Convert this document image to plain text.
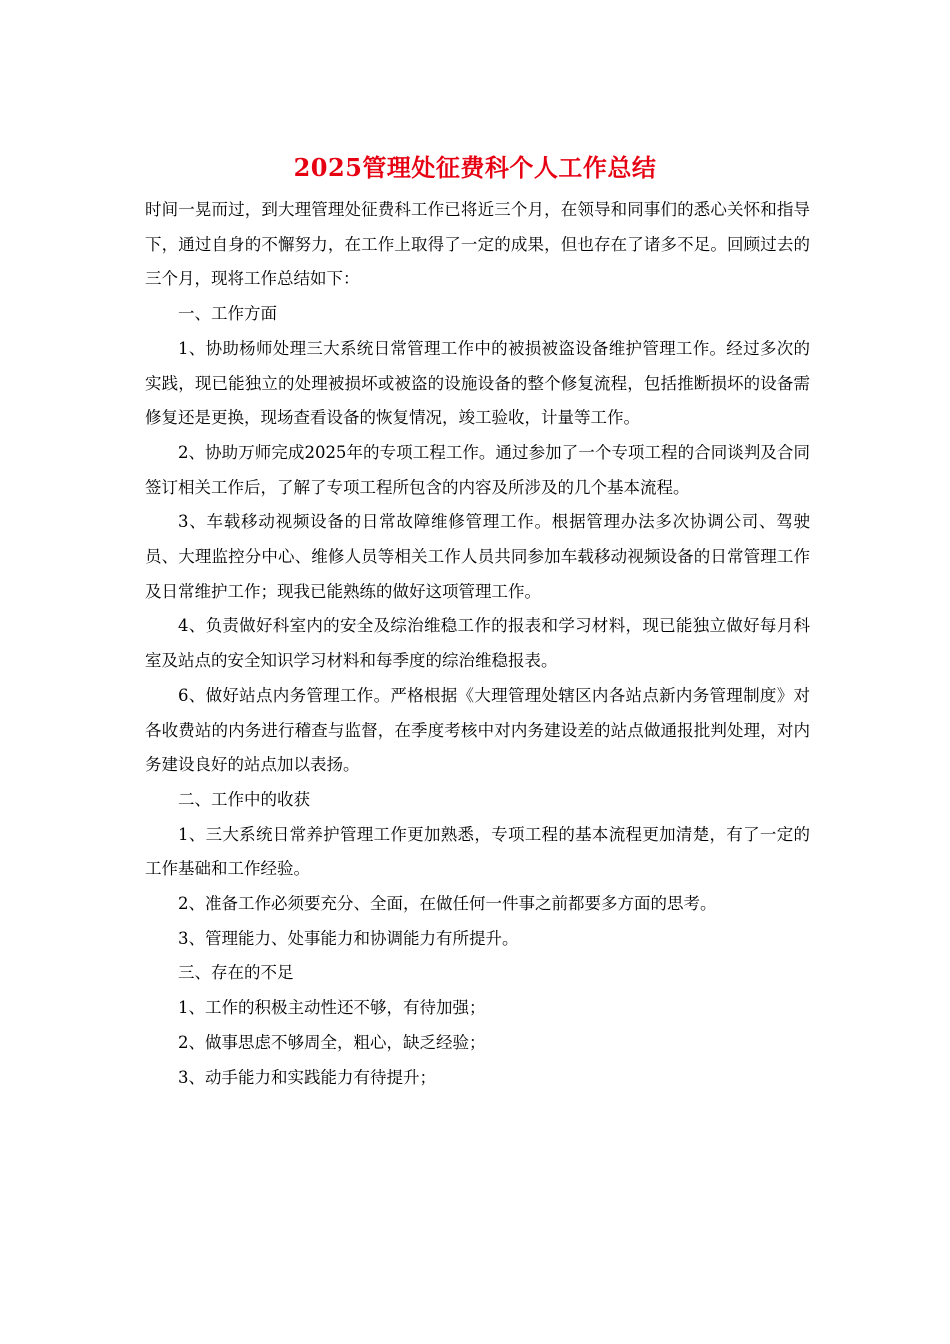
2025管理处征费科个人工作总结

时间一晃而过，到大理管理处征费科工作已将近三个月，在领导和同事们的悉心关怀和指导下，通过自身的不懈努力，在工作上取得了一定的成果，但也存在了诸多不足。回顾过去的三个月，现将工作总结如下：

一、工作方面

1、协助杨师处理三大系统日常管理工作中的被损被盗设备维护管理工作。经过多次的实践，现已能独立的处理被损坏或被盗的设施设备的整个修复流程，包括推断损坏的设备需修复还是更换，现场查看设备的恢复情况，竣工验收，计量等工作。

2、协助万师完成2025年的专项工程工作。通过参加了一个专项工程的合同谈判及合同签订相关工作后，了解了专项工程所包含的内容及所涉及的几个基本流程。

3、车载移动视频设备的日常故障维修管理工作。根据管理办法多次协调公司、驾驶员、大理监控分中心、维修人员等相关工作人员共同参加车载移动视频设备的日常管理工作及日常维护工作；现我已能熟练的做好这项管理工作。

4、负责做好科室内的安全及综治维稳工作的报表和学习材料，现已能独立做好每月科室及站点的安全知识学习材料和每季度的综治维稳报表。

6、做好站点内务管理工作。严格根据《大理管理处辖区内各站点新内务管理制度》对各收费站的内务进行稽查与监督，在季度考核中对内务建设差的站点做通报批判处理，对内务建设良好的站点加以表扬。

二、工作中的收获

1、三大系统日常养护管理工作更加熟悉，专项工程的基本流程更加清楚，有了一定的工作基础和工作经验。

2、准备工作必须要充分、全面，在做任何一件事之前都要多方面的思考。

3、管理能力、处事能力和协调能力有所提升。

三、存在的不足

1、工作的积极主动性还不够，有待加强；

2、做事思虑不够周全，粗心，缺乏经验；

3、动手能力和实践能力有待提升；
